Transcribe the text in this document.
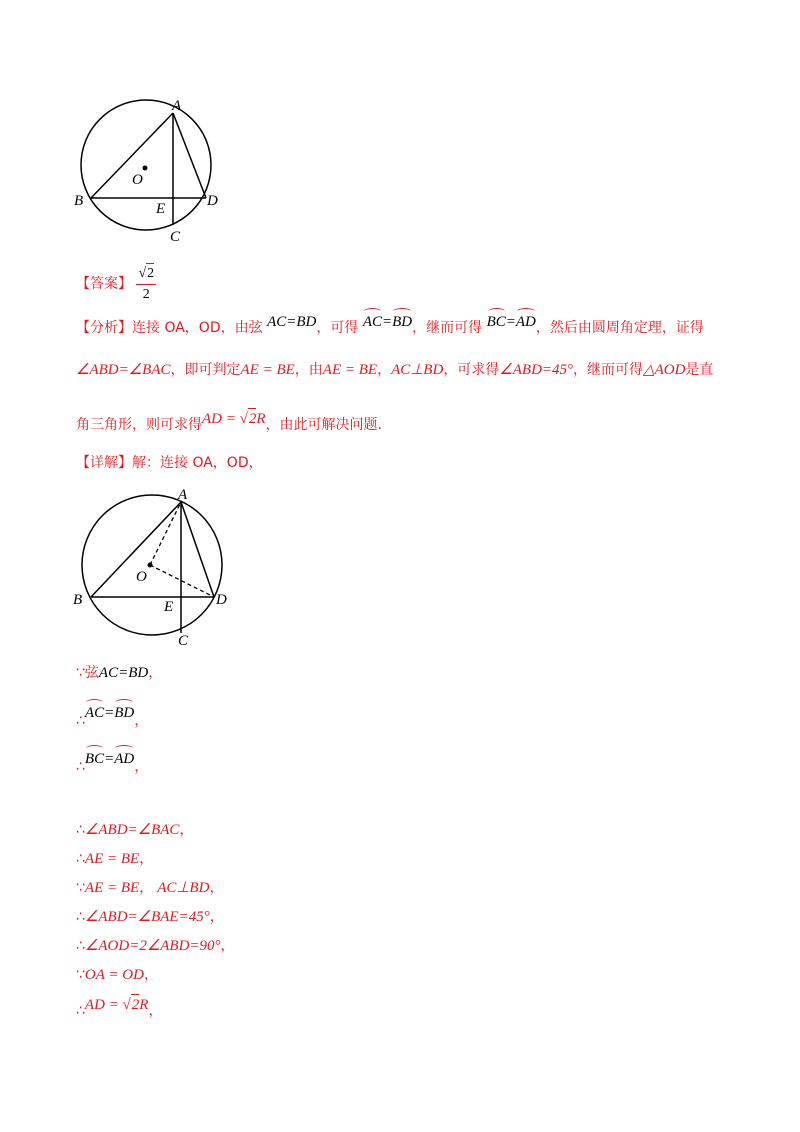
A
B
C
D
E
O
【答案】 $\frac{√2}{2}$
【分析】连接 OA，OD，由弦 AC=BD，可得 AC=BD，继而可得 BC=AD，然后由圆周角定理，证得
∠ABD=∠BAC，即可判定AE = BE，由AE = BE，AC⊥BD，可求得∠ABD=45°，继而可得△AOD是直
角三角形，则可求得AD = √2R，由此可解决问题.
【详解】解：连接 OA，OD，
A
B
C
D
E
O
∵弦AC=BD，
∴AC=BD，
∴BC=AD，
∴∠ABD=∠BAC，
∴AE = BE，
∵AE = BE， AC⊥BD，
∴∠ABD=∠BAE=45°，
∴∠AOD=2∠ABD=90°，
∵OA = OD，
∴AD = √2R，
